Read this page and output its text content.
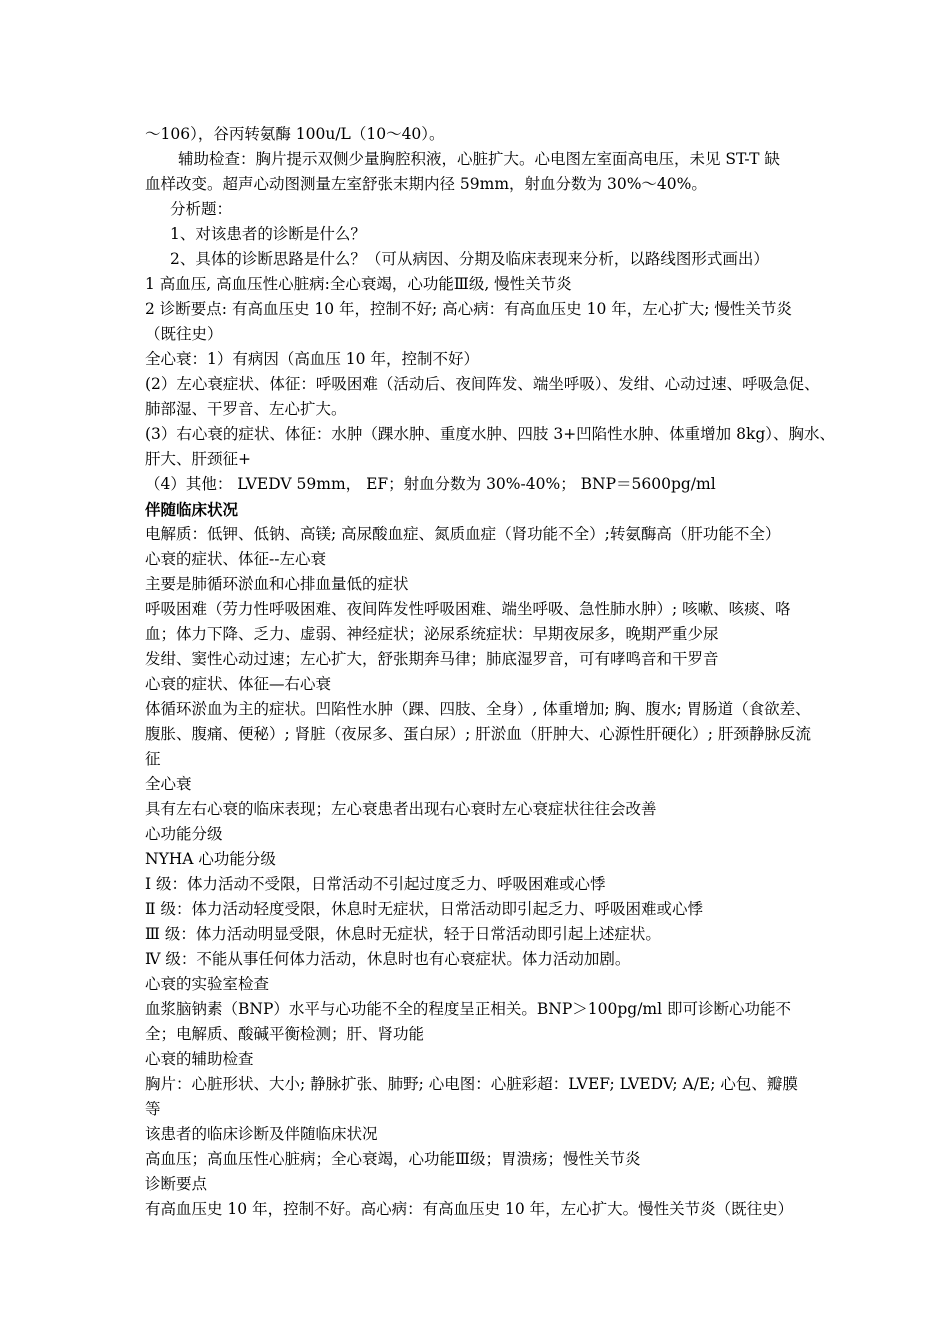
～106），谷丙转氨酶 100u/L（10～40）。
辅助检查：胸片提示双侧少量胸腔积液，心脏扩大。心电图左室面高电压，未见 ST-T 缺
血样改变。超声心动图测量左室舒张末期内径 59mm，射血分数为 30%～40%。
分析题：
1、对该患者的诊断是什么？
2、具体的诊断思路是什么？（可从病因、分期及临床表现来分析，以路线图形式画出）
1 高血压, 高血压性心脏病:全心衰竭，心功能Ⅲ级, 慢性关节炎
2 诊断要点: 有高血压史 10 年，控制不好; 高心病：有高血压史 10 年，左心扩大; 慢性关节炎
（既往史）
全心衰：1）有病因（高血压 10 年，控制不好）
(2）左心衰症状、体征：呼吸困难（活动后、夜间阵发、端坐呼吸）、发绀、心动过速、呼吸急促、
肺部湿、干罗音、左心扩大。
(3）右心衰的症状、体征：水肿（踝水肿、重度水肿、四肢 3+凹陷性水肿、体重增加 8kg）、胸水、
肝大、肝颈征+
（4）其他： LVEDV 59mm， EF；射血分数为 30%-40%； BNP＝5600pg/ml
伴随临床状况
电解质：低钾、低钠、高镁; 高尿酸血症、氮质血症（肾功能不全）;转氨酶高（肝功能不全）
心衰的症状、体征--左心衰
主要是肺循环淤血和心排血量低的症状
呼吸困难（劳力性呼吸困难、夜间阵发性呼吸困难、端坐呼吸、急性肺水肿）; 咳嗽、咳痰、咯
血；体力下降、乏力、虚弱、神经症状；泌尿系统症状：早期夜尿多，晚期严重少尿
发绀、窦性心动过速；左心扩大，舒张期奔马律；肺底湿罗音，可有哮鸣音和干罗音
心衰的症状、体征—右心衰
体循环淤血为主的症状。凹陷性水肿（踝、四肢、全身）, 体重增加; 胸、腹水; 胃肠道（食欲差、
腹胀、腹痛、便秘）; 肾脏（夜尿多、蛋白尿）; 肝淤血（肝肿大、心源性肝硬化）; 肝颈静脉反流
征
全心衰
具有左右心衰的临床表现；左心衰患者出现右心衰时左心衰症状往往会改善
心功能分级
NYHA 心功能分级
Ⅰ 级：体力活动不受限，日常活动不引起过度乏力、呼吸困难或心悸
Ⅱ 级：体力活动轻度受限，休息时无症状，日常活动即引起乏力、呼吸困难或心悸
Ⅲ 级：体力活动明显受限，休息时无症状，轻于日常活动即引起上述症状。
Ⅳ 级：不能从事任何体力活动，休息时也有心衰症状。体力活动加剧。
心衰的实验室检查
血浆脑钠素（BNP）水平与心功能不全的程度呈正相关。BNP＞100pg/ml 即可诊断心功能不
全；电解质、酸碱平衡检测；肝、肾功能
心衰的辅助检查
胸片：心脏形状、大小; 静脉扩张、肺野; 心电图：心脏彩超：LVEF; LVEDV; A/E; 心包、瓣膜
等
该患者的临床诊断及伴随临床状况
高血压；高血压性心脏病；全心衰竭，心功能Ⅲ级；胃溃疡；慢性关节炎
诊断要点
有高血压史 10 年，控制不好。高心病：有高血压史 10 年，左心扩大。慢性关节炎（既往史）
